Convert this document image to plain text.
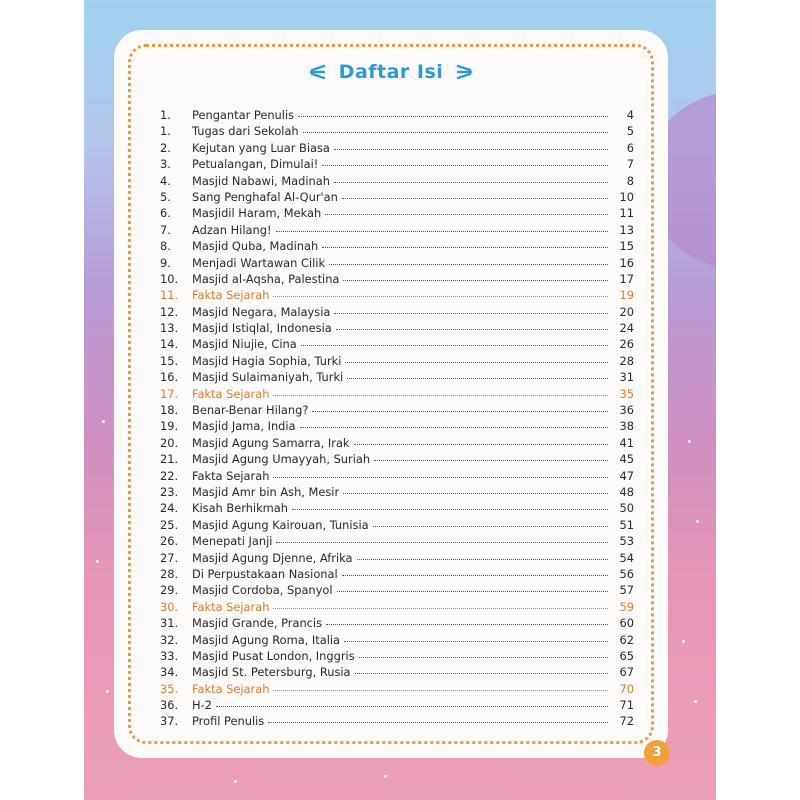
Daftar Isi
1.	Pengantar Penulis	4
1.	Tugas dari Sekolah	5
2.	Kejutan yang Luar Biasa	6
3.	Petualangan, Dimulai!	7
4.	Masjid Nabawi, Madinah	8
5.	Sang Penghafal Al-Qur'an	10
6.	Masjidil Haram, Mekah	11
7.	Adzan Hilang!	13
8.	Masjid Quba, Madinah	15
9.	Menjadi Wartawan Cilik	16
10.	Masjid al-Aqsha, Palestina	17
11.	Fakta Sejarah	19
12.	Masjid Negara, Malaysia	20
13.	Masjid Istiqlal, Indonesia	24
14.	Masjid Niujie, Cina	26
15.	Masjid Hagia Sophia, Turki	28
16.	Masjid Sulaimaniyah, Turki	31
17.	Fakta Sejarah	35
18.	Benar-Benar Hilang?	36
19.	Masjid Jama, India	38
20.	Masjid Agung Samarra, Irak	41
21.	Masjid Agung Umayyah, Suriah	45
22.	Fakta Sejarah	47
23.	Masjid Amr bin Ash, Mesir	48
24.	Kisah Berhikmah	50
25.	Masjid Agung Kairouan, Tunisia	51
26.	Menepati Janji	53
27.	Masjid Agung Djenne, Afrika	54
28.	Di Perpustakaan Nasional	56
29.	Masjid Cordoba, Spanyol	57
30.	Fakta Sejarah	59
31.	Masjid Grande, Prancis	60
32.	Masjid Agung Roma, Italia	62
33.	Masjid Pusat London, Inggris	65
34.	Masjid St. Petersburg, Rusia	67
35.	Fakta Sejarah	70
36.	H-2	71
37.	Profil Penulis	72
3
